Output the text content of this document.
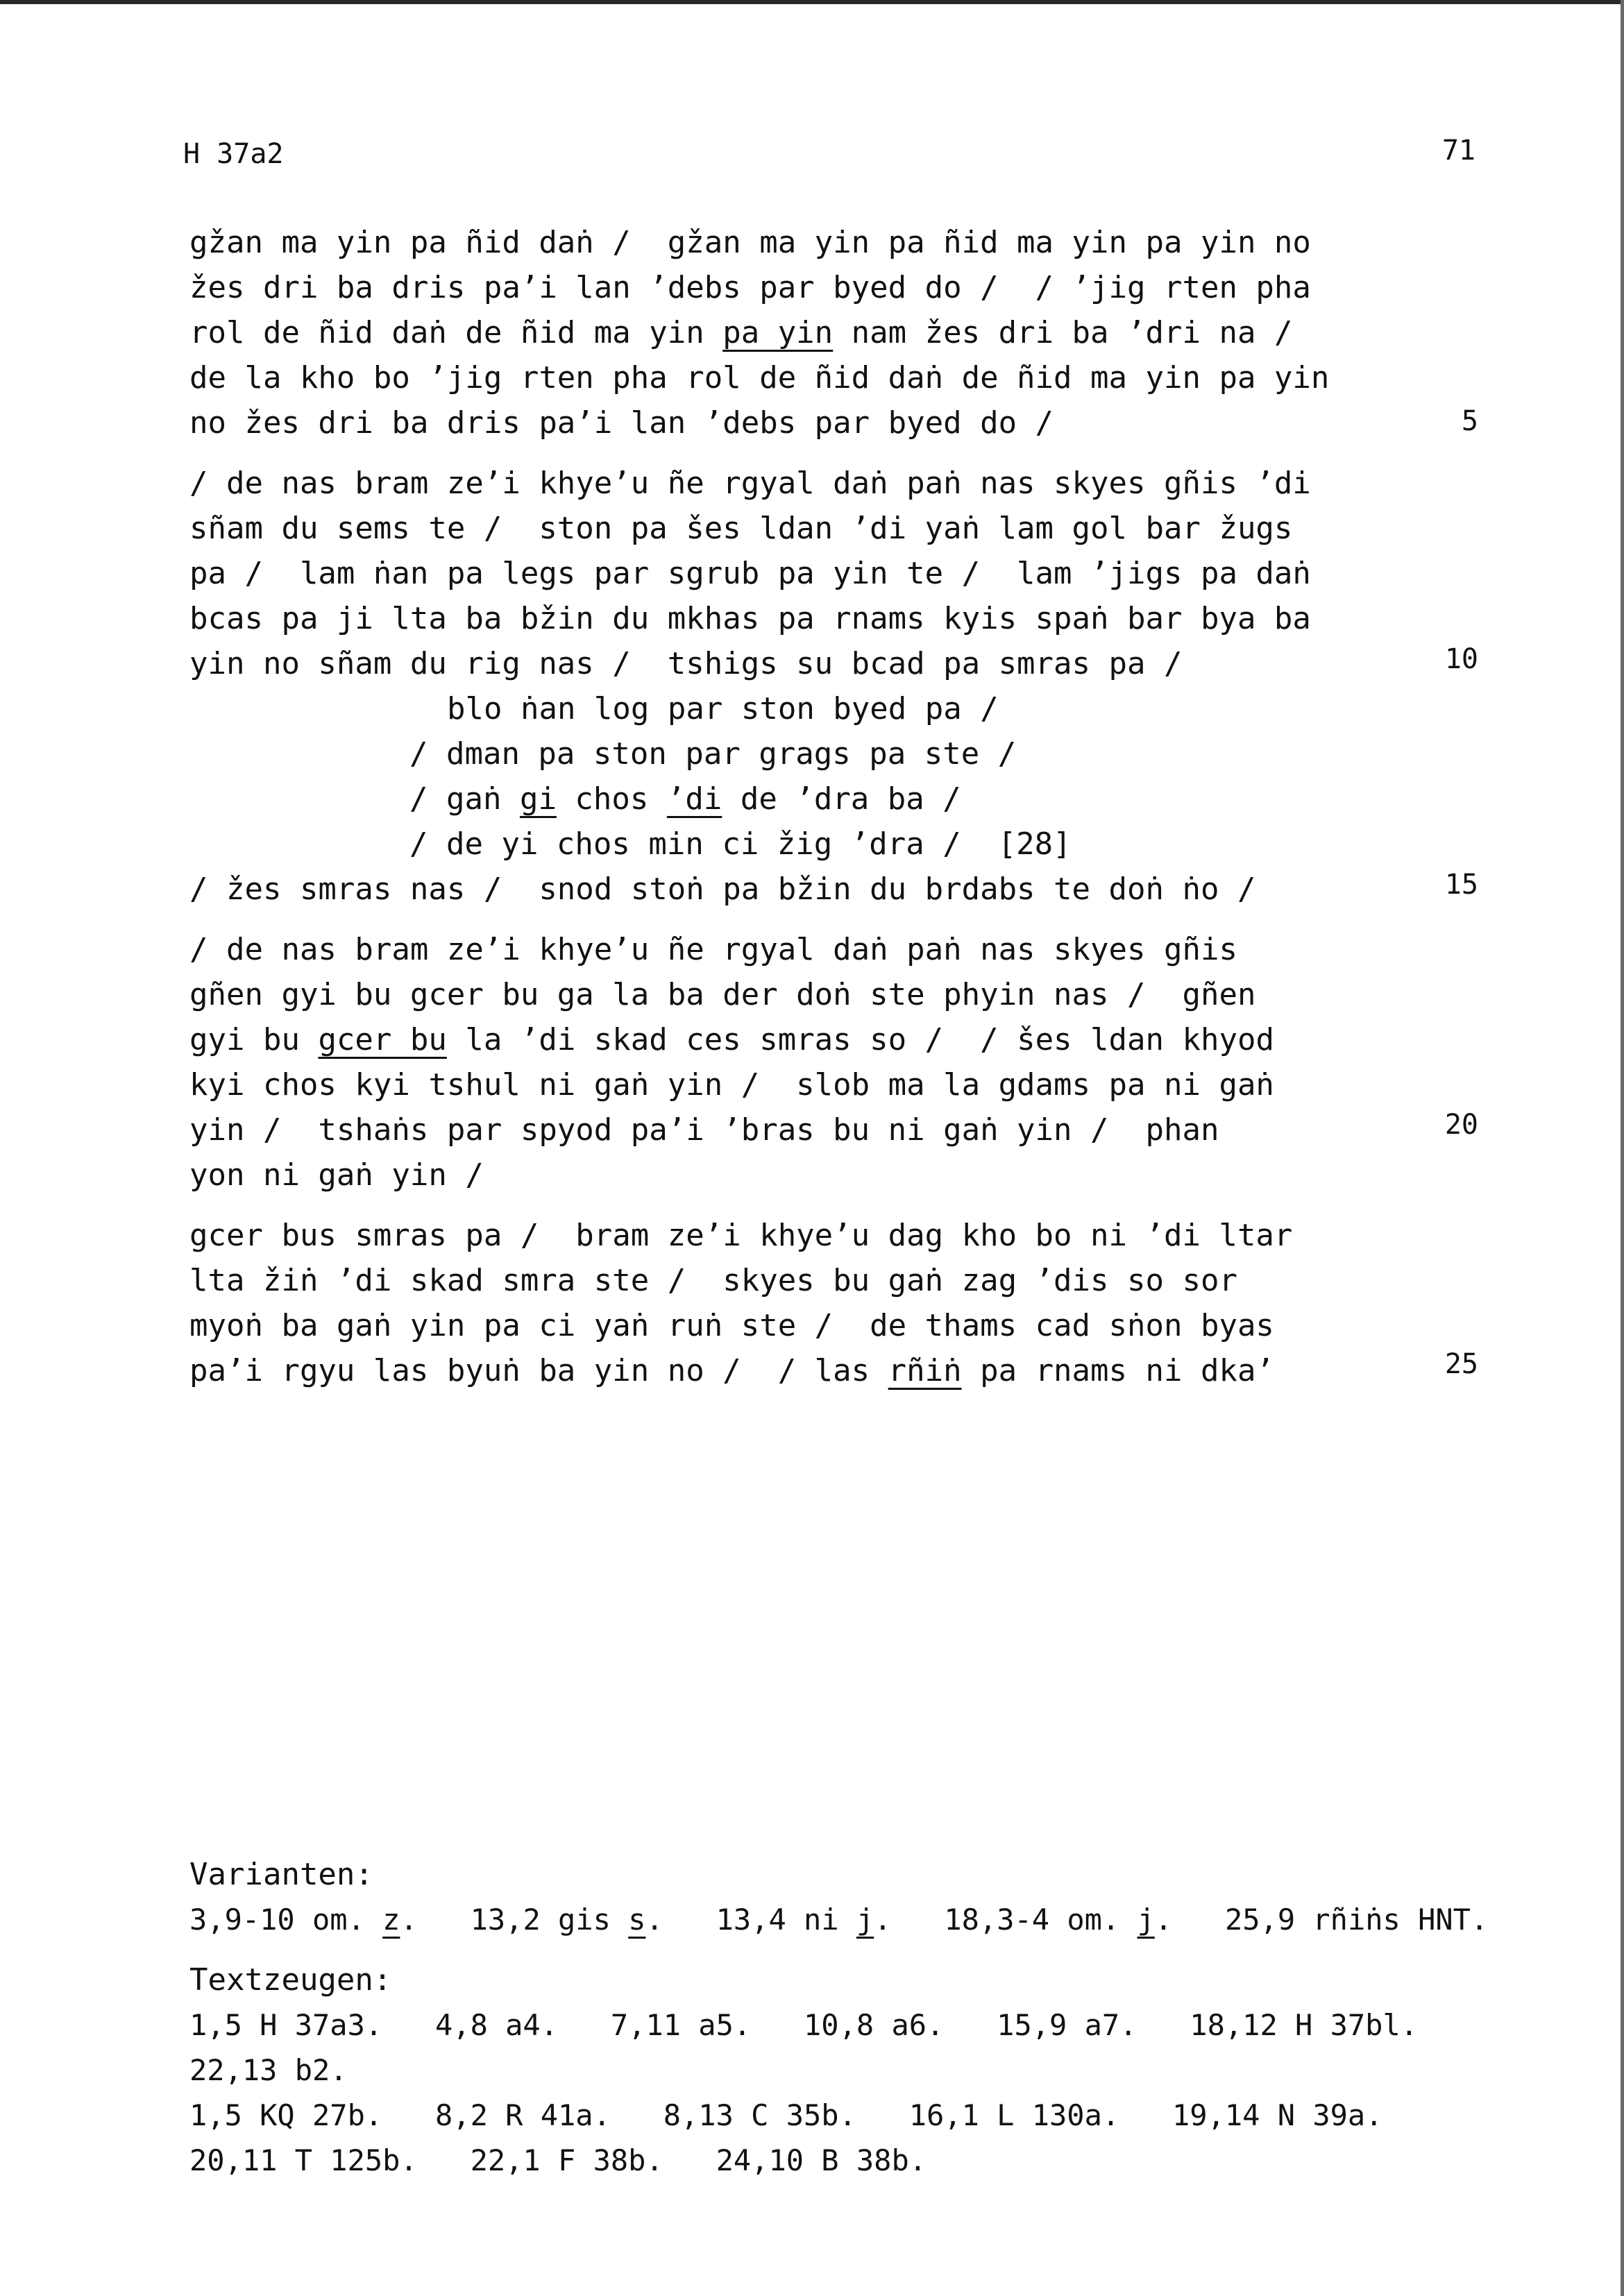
H 37a2	71
gžan ma yin pa ñid daṅ /  gžan ma yin pa ñid ma yin pa yin no
žes dri ba dris pa’i lan ’debs par byed do /  / ’jig rten pha
rol de ñid daṅ de ñid ma yin pa yin nam žes dri ba ’dri na /
de la kho bo ’jig rten pha rol de ñid daṅ de ñid ma yin pa yin
no žes dri ba dris pa’i lan ’debs par byed do /
/ de nas bram ze’i khye’u ñe rgyal daṅ paṅ nas skyes gñis ’di
sñam du sems te /  ston pa šes ldan ’di yaṅ lam gol bar žugs
pa /  lam ṅan pa legs par sgrub pa yin te /  lam ’jigs pa daṅ
bcas pa ji lta ba bžin du mkhas pa rnams kyis spaṅ bar bya ba
yin no sñam du rig nas /  tshigs su bcad pa smras pa /
blo ṅan log par ston byed pa /
/ dman pa ston par grags pa ste /
/ gaṅ gi chos ’di de ’dra ba /
/ de yi chos min ci žig ’dra /  [28]
/ žes smras nas /  snod stoṅ pa bžin du brdabs te doṅ ṅo /
/ de nas bram ze’i khye’u ñe rgyal daṅ paṅ nas skyes gñis
gñen gyi bu gcer bu ga la ba der doṅ ste phyin nas /  gñen
gyi bu gcer bu la ’di skad ces smras so /  / šes ldan khyod
kyi chos kyi tshul ni gaṅ yin /  slob ma la gdams pa ni gaṅ
yin /  tshaṅs par spyod pa’i ’bras bu ni gaṅ yin /  phan
yon ni gaṅ yin /
gcer bus smras pa /  bram ze’i khye’u dag kho bo ni ’di ltar
lta žiṅ ’di skad smra ste /  skyes bu gaṅ zag ’dis so sor
myoṅ ba gaṅ yin pa ci yaṅ ruṅ ste /  de thams cad sṅon byas
pa’i rgyu las byuṅ ba yin no /  / las rñiṅ pa rnams ni dka’
5
10
15
20
25
Varianten:
3,9-10 om. z.   13,2 gis s.   13,4 ni j.   18,3-4 om. j.   25,9 rñiṅs HNT.
Textzeugen:
1,5 H 37a3.   4,8 a4.   7,11 a5.   10,8 a6.   15,9 a7.   18,12 H 37bl.
22,13 b2.
1,5 KQ 27b.   8,2 R 41a.   8,13 C 35b.   16,1 L 130a.   19,14 N 39a.
20,11 T 125b.   22,1 F 38b.   24,10 B 38b.
